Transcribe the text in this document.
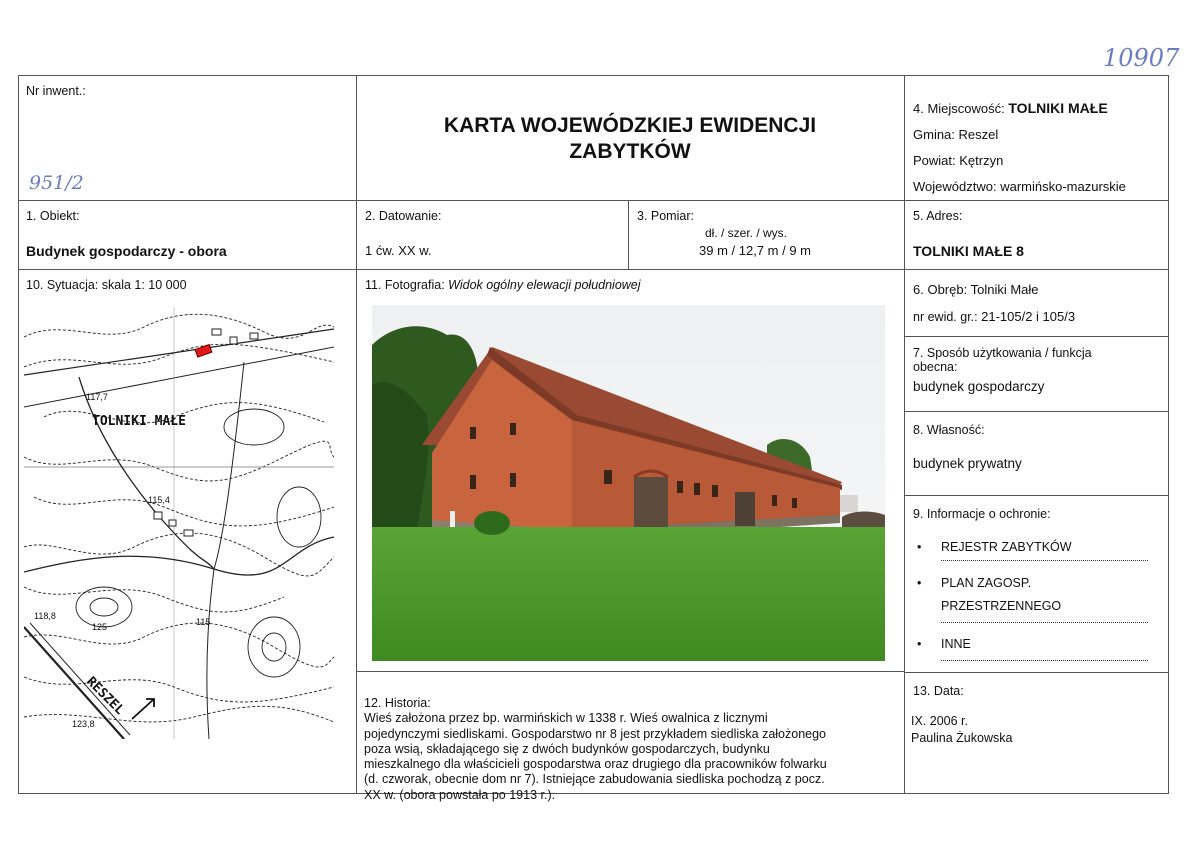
10907
Nr inwent.:
951/2
KARTA WOJEWÓDZKIEJ EWIDENCJI
ZABYTKÓW
4. Miejscowość: TOLNIKI MAŁE
Gmina: Reszel
Powiat: Kętrzyn
Województwo: warmińsko-mazurskie
1. Obiekt:
Budynek gospodarczy - obora
2. Datowanie:
1 ćw. XX w.
3. Pomiar:
dł. / szer. / wys.
39 m / 12,7 m / 9 m
5. Adres:
TOLNIKI MAŁE 8
10. Sytuacja: skala 1: 10 000
TOLNIKI MAŁE
RESZEL
117,7
115,4
118,8
125	115
123,8
11. Fotografia: Widok ogólny elewacji południowej
12. Historia:
Wieś założona przez bp. warmińskich w 1338 r. Wieś owalnica z licznymi
pojedynczymi siedliskami. Gospodarstwo nr 8 jest przykładem siedliska założonego
poza wsią, składającego się z dwóch budynków gospodarczych, budynku
mieszkalnego dla właścicieli gospodarstwa oraz drugiego dla pracowników folwarku
(d. czworak, obecnie dom nr 7). Istniejące zabudowania siedliska pochodzą z pocz.
XX w. (obora powstała po 1913 r.).
6. Obręb: Tolniki Małe
nr ewid. gr.: 21-105/2 i 105/3
7. Sposób użytkowania / funkcja obecna:
budynek gospodarczy
8. Własność:
budynek prywatny
9. Informacje o ochronie:
• REJESTR ZABYTKÓW
• PLAN ZAGOSP.
PRZESTRZENNEGO
• INNE
13. Data:
IX. 2006 r.
Paulina Żukowska
